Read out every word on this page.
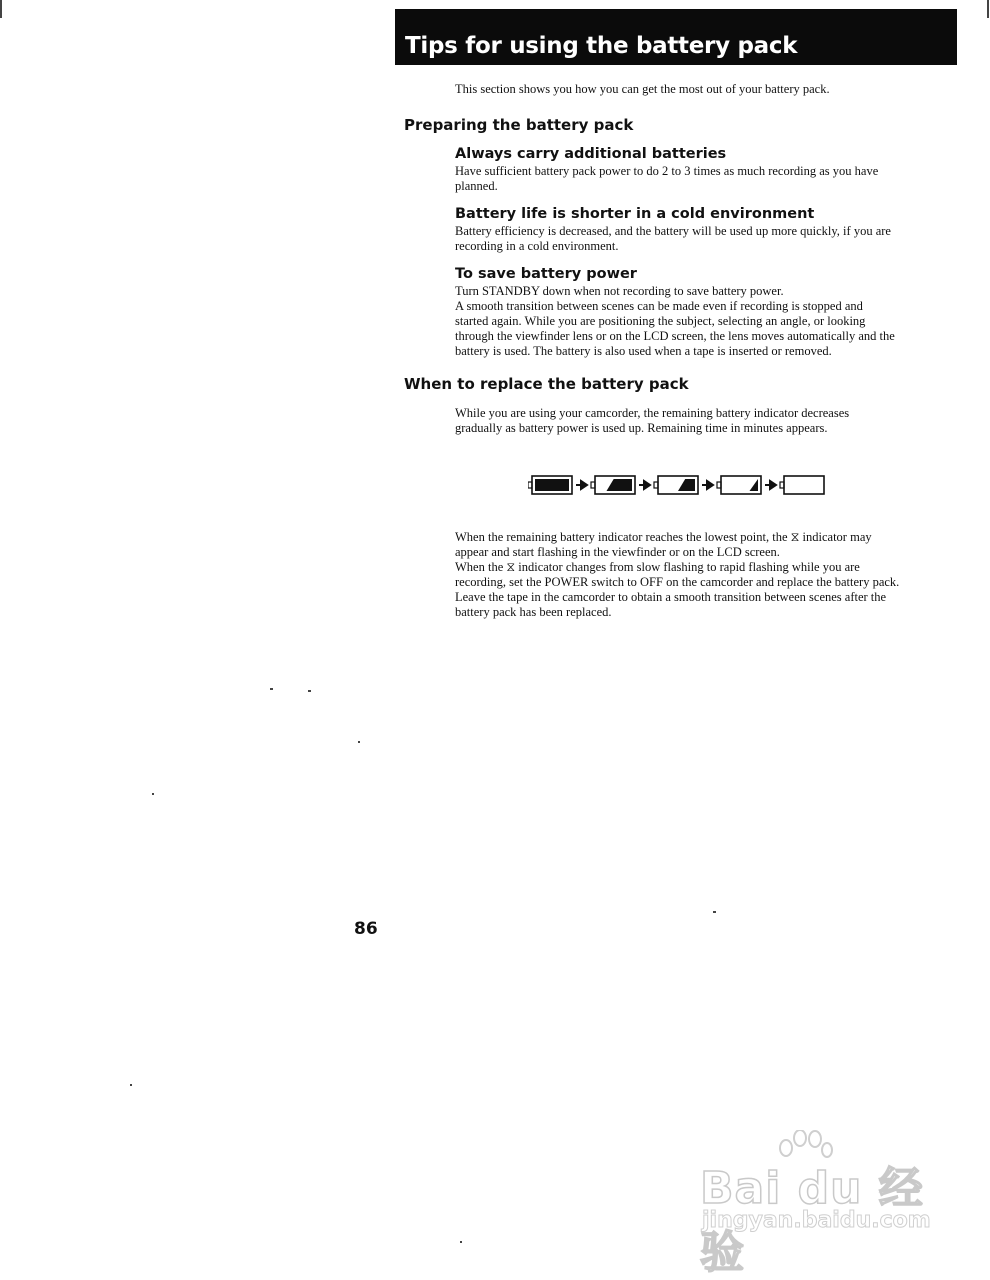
Tips for using the battery pack
This section shows you how you can get the most out of your battery pack.
Preparing the battery pack
Always carry additional batteries

Have sufficient battery pack power to do 2 to 3 times as much recording as you have
planned.

Battery life is shorter in a cold environment

Battery efficiency is decreased, and the battery will be used up more quickly, if you are
recording in a cold environment.

To save battery power

Turn STANDBY down when not recording to save battery power.
A smooth transition between scenes can be made even if recording is stopped and
started again. While you are positioning the subject, selecting an angle, or looking
through the viewfinder lens or on the LCD screen, the lens moves automatically and the
battery is used. The battery is also used when a tape is inserted or removed.

When to replace the battery pack

While you are using your camcorder, the remaining battery indicator decreases
gradually as battery power is used up. Remaining time in minutes appears.

When the remaining battery indicator reaches the lowest point, the ⧖ indicator may
appear and start flashing in the viewfinder or on the LCD screen.
When the ⧖ indicator changes from slow flashing to rapid flashing while you are
recording, set the POWER switch to OFF on the camcorder and replace the battery pack.
Leave the tape in the camcorder to obtain a smooth transition between scenes after the
battery pack has been replaced.

86
Bai du 经验
jingyan.baidu.com
